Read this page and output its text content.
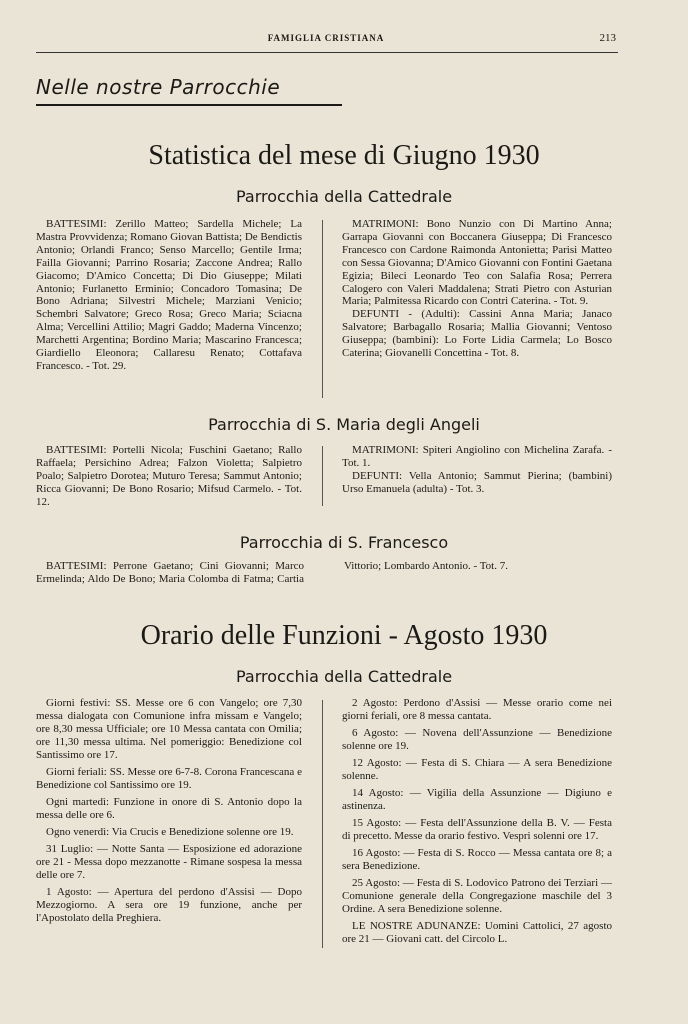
FAMIGLIA CRISTIANA	213
Nelle nostre Parrocchie
Statistica del mese di Giugno 1930
Parrocchia della Cattedrale

BATTESIMI: Zerillo Matteo; Sardella Michele; La Mastra Provvidenza; Romano Giovan Battista; De Bendictis Antonio; Orlandi Franco; Senso Marcello; Gentile Irma; Failla Giovanni; Parrino Rosaria; Zaccone Andrea; Rallo Giacomo; D'Amico Concetta; Di Dio Giuseppe; Milati Antonio; Furlanetto Erminio; Concadoro Tomasina; De Bono Adriana; Silvestri Michele; Marziani Venicio; Schembri Salvatore; Greco Rosa; Greco Maria; Sciacna Alma; Vercellini Attilio; Magri Gaddo; Maderna Vincenzo; Marchetti Argentina; Bordino Maria; Mascarino Francesca; Giardiello Eleonora; Callaresu Renato; Cottafava Francesco. - Tot. 29.

MATRIMONI: Bono Nunzio con Di Martino Anna; Garrapa Giovanni con Boccanera Giuseppa; Di Francesco Francesco con Cardone Raimonda Antonietta; Parisi Matteo con Sessa Giovanna; D'Amico Giovanni con Fontini Gaetana Egizia; Bileci Leonardo Teo con Salafia Rosa; Perrera Calogero con Valeri Maddalena; Strati Pietro con Asturian Maria; Palmitessa Ricardo con Contri Caterina. - Tot. 9.

DEFUNTI - (Adulti): Cassini Anna Maria; Janaco Salvatore; Barbagallo Rosaria; Mallia Giovanni; Ventoso Giuseppa; (bambini): Lo Forte Lidia Carmela; Lo Bosco Caterina; Giovanelli Concettina - Tot. 8.

Parrocchia di S. Maria degli Angeli

BATTESIMI: Portelli Nicola; Fuschini Gaetano; Rallo Raffaela; Persichino Adrea; Falzon Violetta; Salpietro Poalo; Salpietro Dorotea; Muturo Teresa; Sammut Antonio; Ricca Giovanni; De Bono Rosario; Mifsud Carmelo. - Tot. 12.

MATRIMONI: Spiteri Angiolino con Michelina Zarafa. - Tot. 1.

DEFUNTI: Vella Antonio; Sammut Pierina; (bambini) Urso Emanuela (adulta) - Tot. 3.

Parrocchia di S. Francesco

BATTESIMI: Perrone Gaetano; Cini Giovanni; Marco Ermelinda; Aldo De Bono; Maria Colomba di Fatma; Cartia Vittorio; Lombardo Antonio. - Tot. 7.

Orario delle Funzioni - Agosto 1930
Parrocchia della Cattedrale

Giorni festivi: SS. Messe ore 6 con Vangelo; ore 7,30 messa dialogata con Comunione infra missam e Vangelo; ore 8,30 messa Ufficiale; ore 10 Messa cantata con Omilia; ore 11,30 messa ultima. Nel pomeriggio: Benedizione col Santissimo ore 17.

Giorni feriali: SS. Messe ore 6-7-8. Corona Francescana e Benedizione col Santissimo ore 19.

Ogni martedì: Funzione in onore di S. Antonio dopo la messa delle ore 6.

Ogno venerdì: Via Crucis e Benedizione solenne ore 19.

31 Luglio: — Notte Santa — Esposizione ed adorazione ore 21 - Messa dopo mezzanotte - Rimane sospesa la messa delle ore 7.

1 Agosto: — Apertura del perdono d'Assisi — Dopo Mezzogiorno. A sera ore 19 funzione, anche per l'Apostolato della Preghiera.

2 Agosto: Perdono d'Assisi — Messe orario come nei giorni feriali, ore 8 messa cantata.

6 Agosto: — Novena dell'Assunzione — Benedizione solenne ore 19.

12 Agosto: — Festa di S. Chiara — A sera Benedizione solenne.

14 Agosto: — Vigilia della Assunzione — Digiuno e astinenza.

15 Agosto: — Festa dell'Assunzione della B. V. — Festa di precetto. Messe da orario festivo. Vespri solenni ore 17.

16 Agosto: — Festa di S. Rocco — Messa cantata ore 8; a sera Benedizione.

25 Agosto: — Festa di S. Lodovico Patrono dei Terziari — Comunione generale della Congregazione maschile del 3 Ordine. A sera Benedizione solenne.

LE NOSTRE ADUNANZE: Uomini Cattolici, 27 agosto ore 21 — Giovani catt. del Circolo L.
